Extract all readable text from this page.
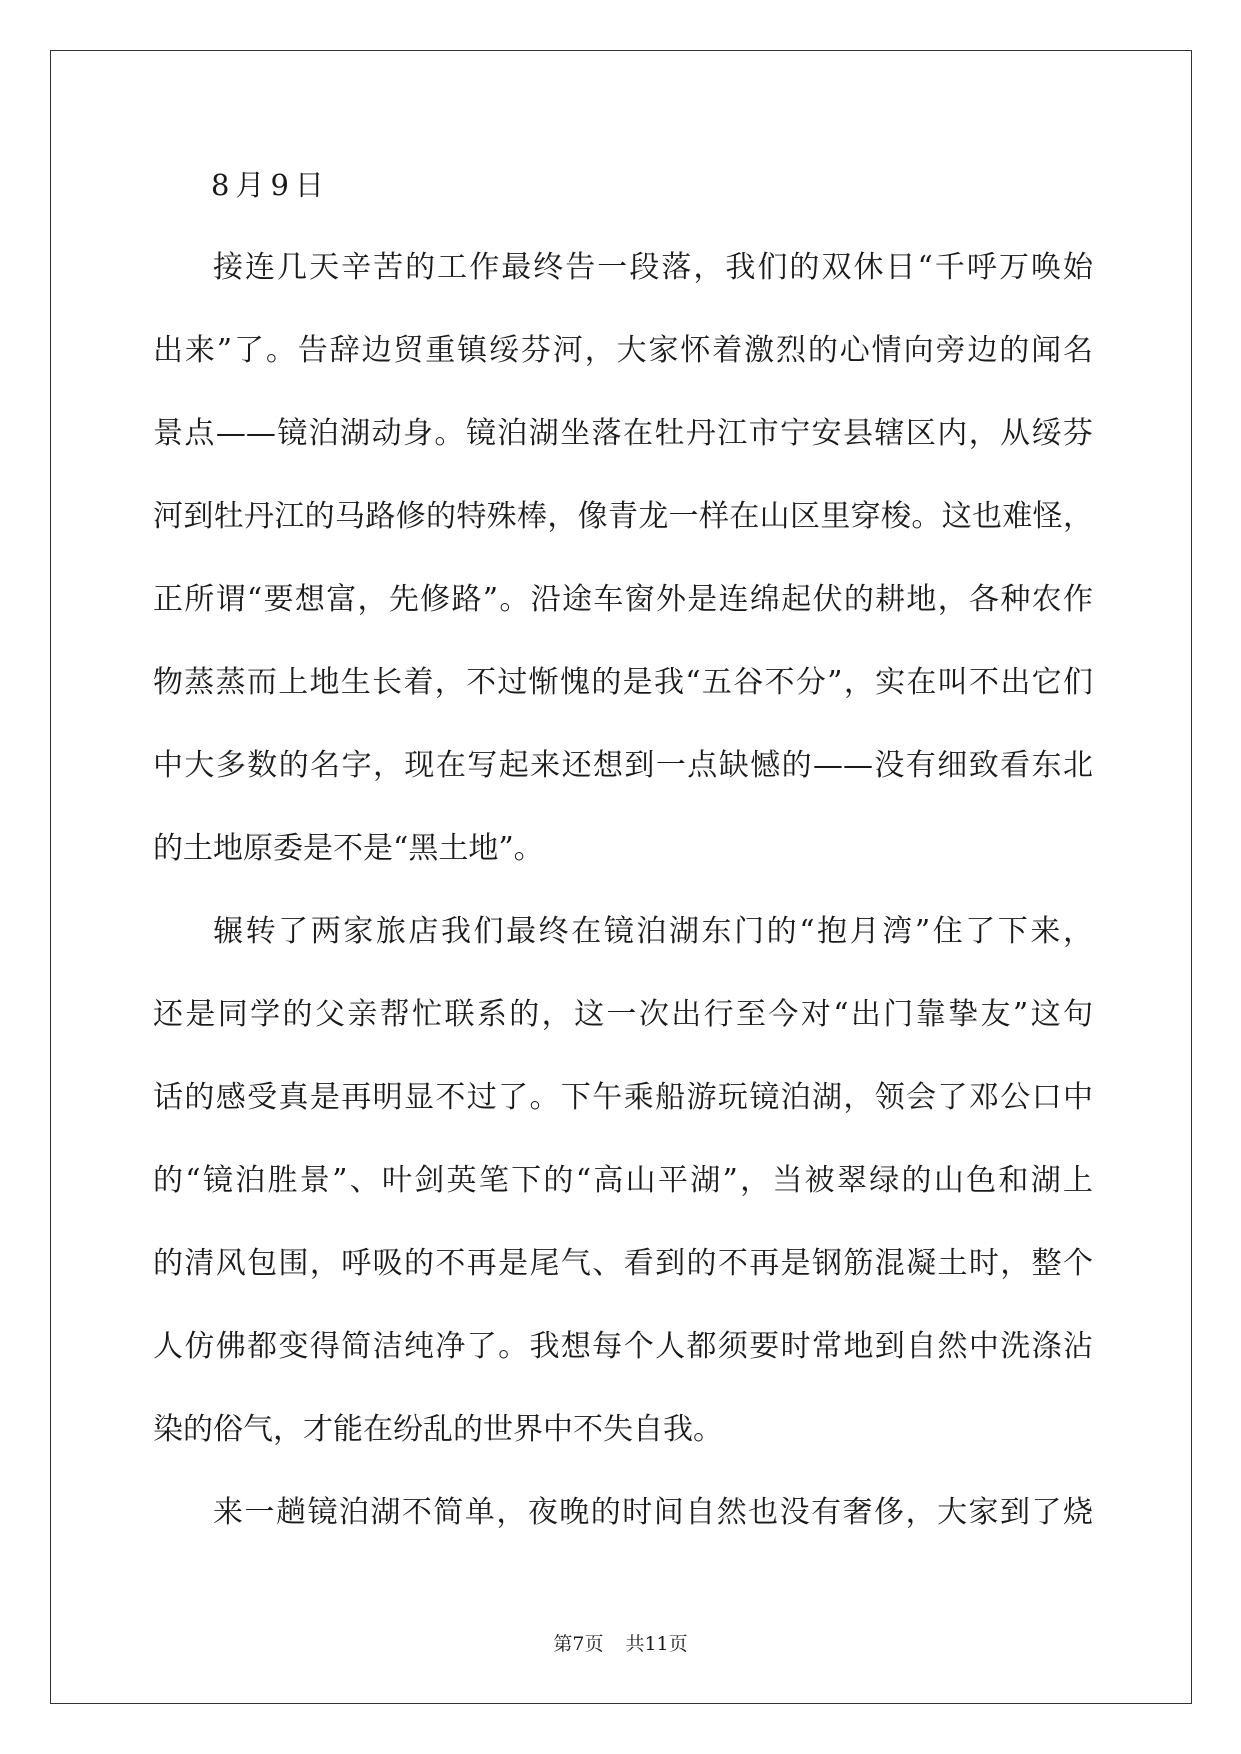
8月9日
接连几天辛苦的工作最终告一段落，我们的双休日“千呼万唤始
出来”了。告辞边贸重镇绥芬河，大家怀着激烈的心情向旁边的闻名
景点——镜泊湖动身。镜泊湖坐落在牡丹江市宁安县辖区内，从绥芬
河到牡丹江的马路修的特殊棒，像青龙一样在山区里穿梭。这也难怪，
正所谓“要想富，先修路”。沿途车窗外是连绵起伏的耕地，各种农作
物蒸蒸而上地生长着，不过惭愧的是我“五谷不分”，实在叫不出它们
中大多数的名字，现在写起来还想到一点缺憾的——没有细致看东北
的土地原委是不是“黑土地”。
辗转了两家旅店我们最终在镜泊湖东门的“抱月湾”住了下来，
还是同学的父亲帮忙联系的，这一次出行至今对“出门靠挚友”这句
话的感受真是再明显不过了。下午乘船游玩镜泊湖，领会了邓公口中
的“镜泊胜景”、叶剑英笔下的“高山平湖”，当被翠绿的山色和湖上
的清风包围，呼吸的不再是尾气、看到的不再是钢筋混凝土时，整个
人仿佛都变得简洁纯净了。我想每个人都须要时常地到自然中洗涤沾
染的俗气，才能在纷乱的世界中不失自我。
来一趟镜泊湖不简单，夜晚的时间自然也没有奢侈，大家到了烧
第7页 共11页
